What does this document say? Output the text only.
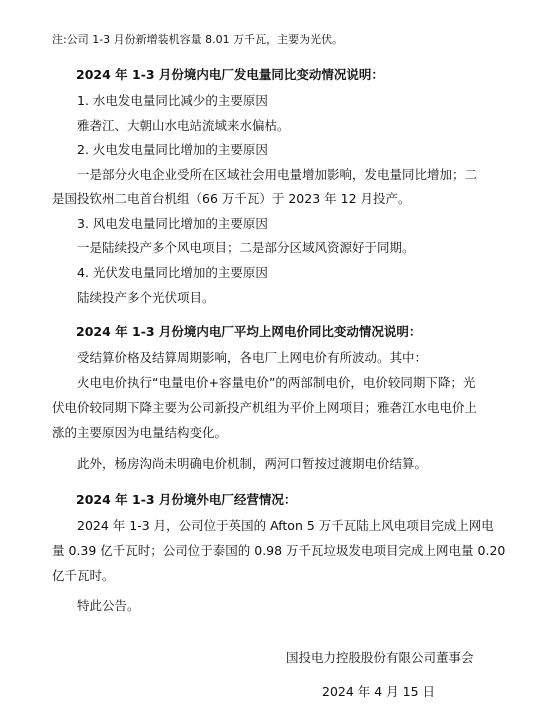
注:公司 1-3 月份新增装机容量 8.01 万千瓦，主要为光伏。
2024 年 1-3 月份境内电厂发电量同比变动情况说明：
1. 水电发电量同比减少的主要原因
雅砻江、大朝山水电站流域来水偏枯。
2. 火电发电量同比增加的主要原因
一是部分火电企业受所在区域社会用电量增加影响，发电量同比增加；二
是国投钦州二电首台机组（66 万千瓦）于 2023 年 12 月投产。
3. 风电发电量同比增加的主要原因
一是陆续投产多个风电项目；二是部分区域风资源好于同期。
4. 光伏发电量同比增加的主要原因
陆续投产多个光伏项目。
2024 年 1-3 月份境内电厂平均上网电价同比变动情况说明：
受结算价格及结算周期影响，各电厂上网电价有所波动。其中：
火电电价执行“电量电价+容量电价”的两部制电价，电价较同期下降；光
伏电价较同期下降主要为公司新投产机组为平价上网项目；雅砻江水电电价上
涨的主要原因为电量结构变化。
此外，杨房沟尚未明确电价机制，两河口暂按过渡期电价结算。
2024 年 1-3 月份境外电厂经营情况：
2024 年 1-3 月，公司位于英国的 Afton 5 万千瓦陆上风电项目完成上网电
量 0.39 亿千瓦时；公司位于泰国的 0.98 万千瓦垃圾发电项目完成上网电量 0.20
亿千瓦时。
特此公告。
国投电力控股股份有限公司董事会
2024 年 4 月 15 日
